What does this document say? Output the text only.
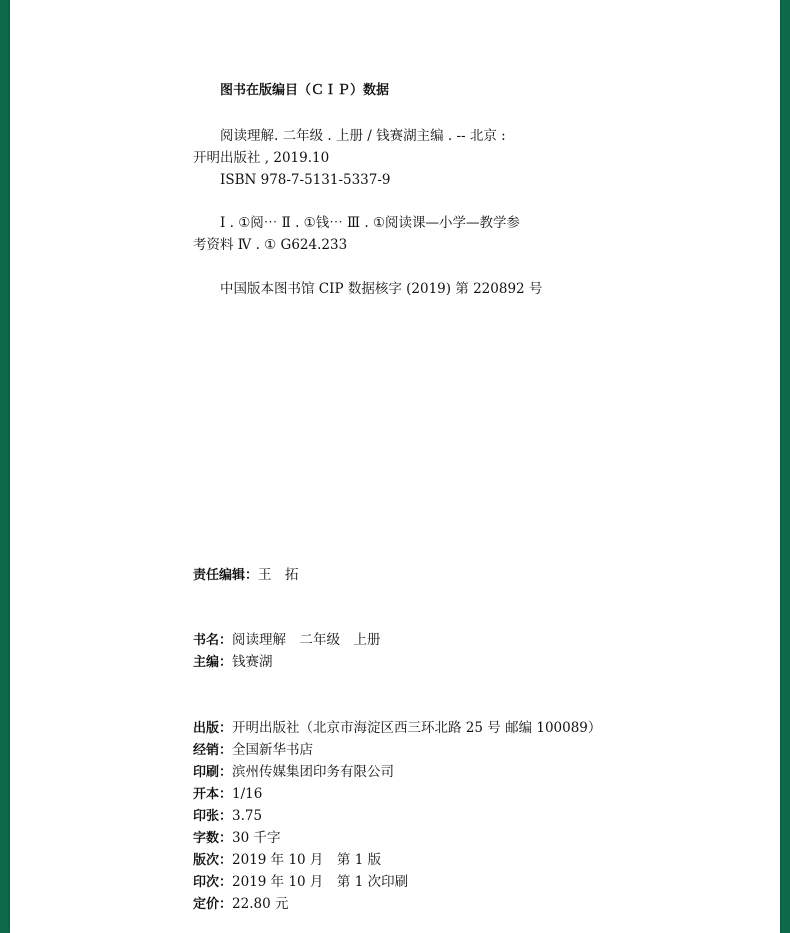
图书在版编目（ＣＩＰ）数据
阅读理解. 二年级 . 上册 / 钱赛湖主编 . -- 北京 :
开明出版社 , 2019.10
ISBN 978-7-5131-5337-9
Ⅰ . ①阅⋯ Ⅱ . ①钱⋯ Ⅲ . ①阅读课—小学—教学参
考资料 Ⅳ . ① G624.233
中国版本图书馆 CIP 数据核字 (2019) 第 220892 号
责任编辑：王　拓
书名：阅读理解　二年级　上册
主编：钱赛湖
出版：开明出版社（北京市海淀区西三环北路 25 号 邮编 100089）
经销：全国新华书店
印刷：滨州传媒集团印务有限公司
开本：1/16
印张：3.75
字数：30 千字
版次：2019 年 10 月　第 1 版
印次：2019 年 10 月　第 1 次印刷
定价：22.80 元
